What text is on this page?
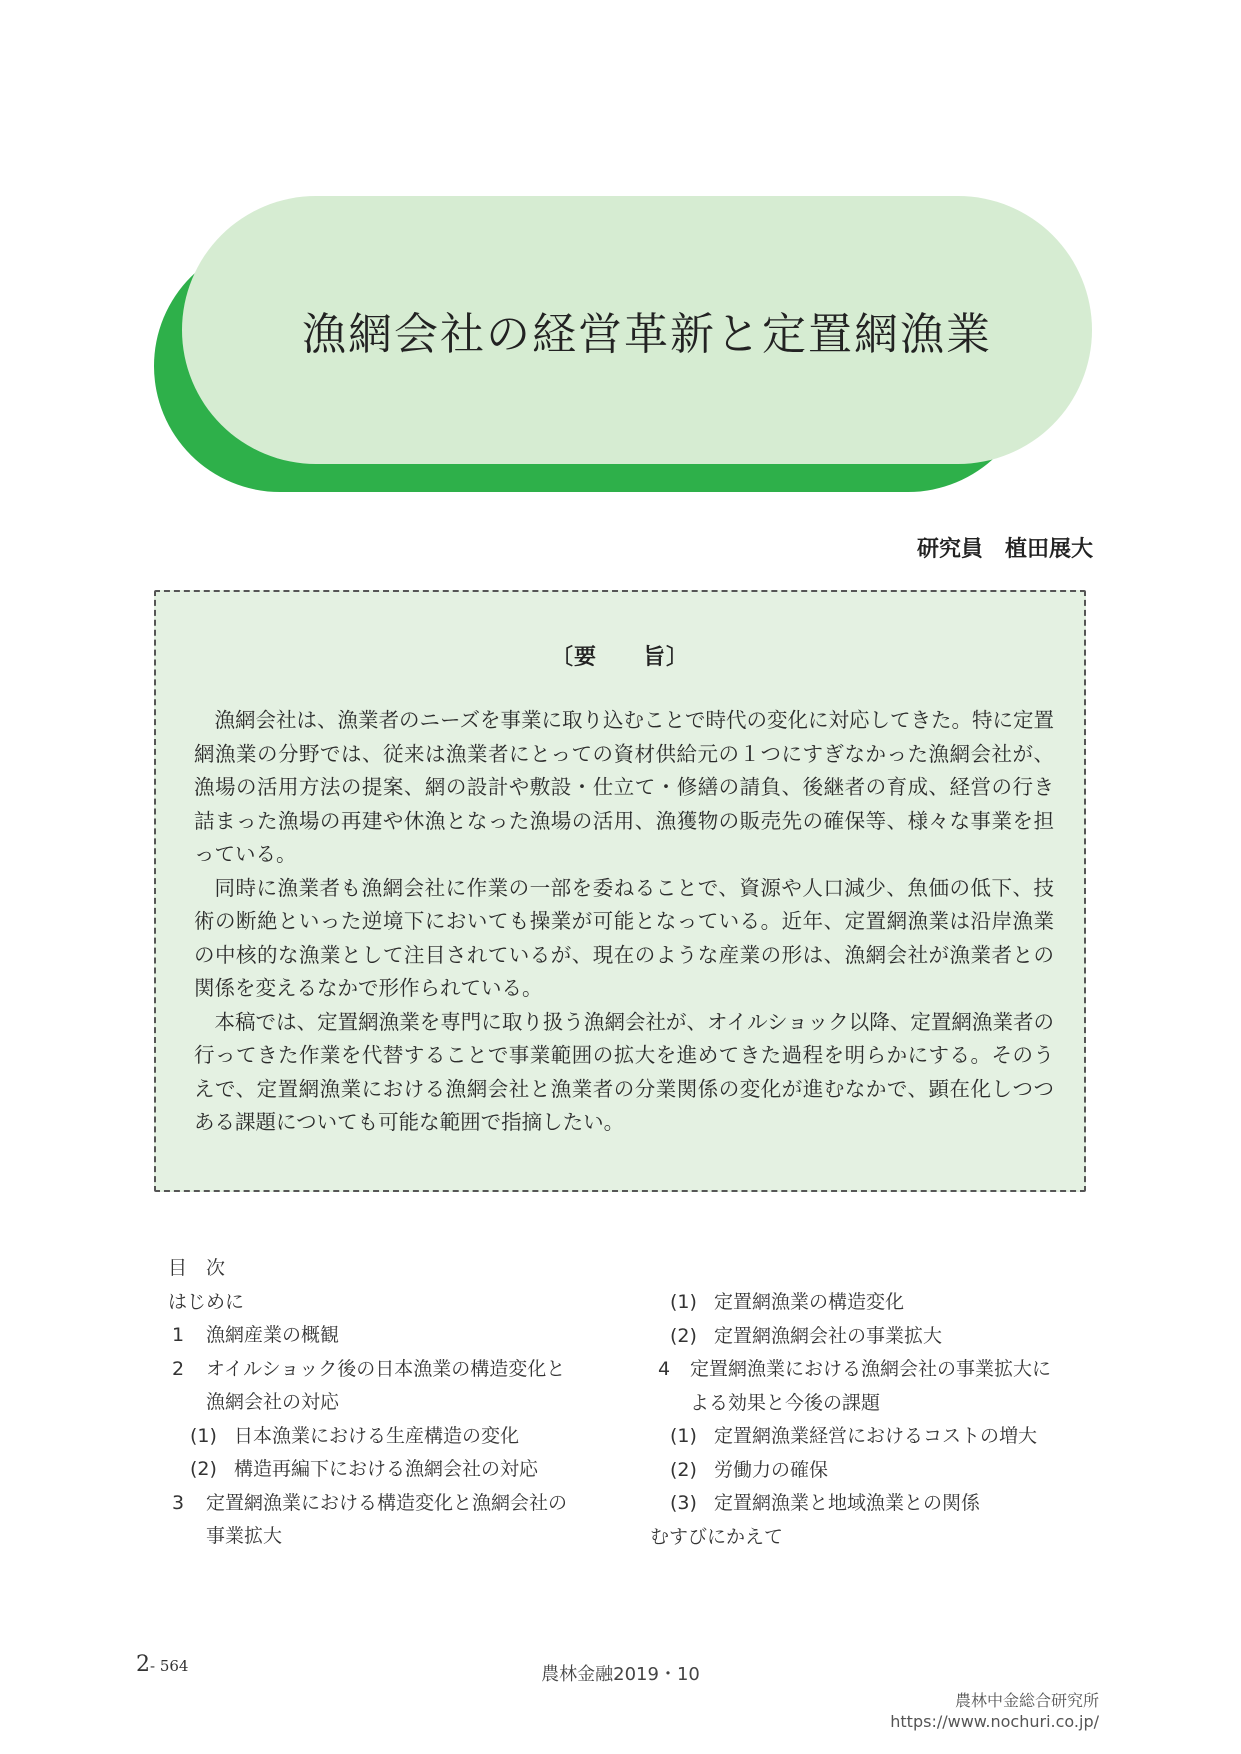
漁網会社の経営革新と定置網漁業
研究員　植田展大
〔要　　旨〕

漁網会社は、漁業者のニーズを事業に取り込むことで時代の変化に対応してきた。特に定置網漁業の分野では、従来は漁業者にとっての資材供給元の１つにすぎなかった漁網会社が、漁場の活用方法の提案、網の設計や敷設・仕立て・修繕の請負、後継者の育成、経営の行き詰まった漁場の再建や休漁となった漁場の活用、漁獲物の販売先の確保等、様々な事業を担っている。

同時に漁業者も漁網会社に作業の一部を委ねることで、資源や人口減少、魚価の低下、技術の断絶といった逆境下においても操業が可能となっている。近年、定置網漁業は沿岸漁業の中核的な漁業として注目されているが、現在のような産業の形は、漁網会社が漁業者との関係を変えるなかで形作られている。

本稿では、定置網漁業を専門に取り扱う漁網会社が、オイルショック以降、定置網漁業者の行ってきた作業を代替することで事業範囲の拡大を進めてきた過程を明らかにする。そのうえで、定置網漁業における漁網会社と漁業者の分業関係の変化が進むなかで、顕在化しつつある課題についても可能な範囲で指摘したい。

目　次
はじめに
1	漁網産業の概観
2	オイルショック後の日本漁業の構造変化と
漁網会社の対応
(1) 日本漁業における生産構造の変化
(2) 構造再編下における漁網会社の対応
3	定置網漁業における構造変化と漁網会社の
事業拡大
(1) 定置網漁業の構造変化
(2) 定置網漁網会社の事業拡大
4	定置網漁業における漁網会社の事業拡大に
よる効果と今後の課題
(1) 定置網漁業経営におけるコストの増大
(2) 労働力の確保
(3) 定置網漁業と地域漁業との関係
むすびにかえて
2- 564	農林金融2019・10
農林中金総合研究所
https://www.nochuri.co.jp/
